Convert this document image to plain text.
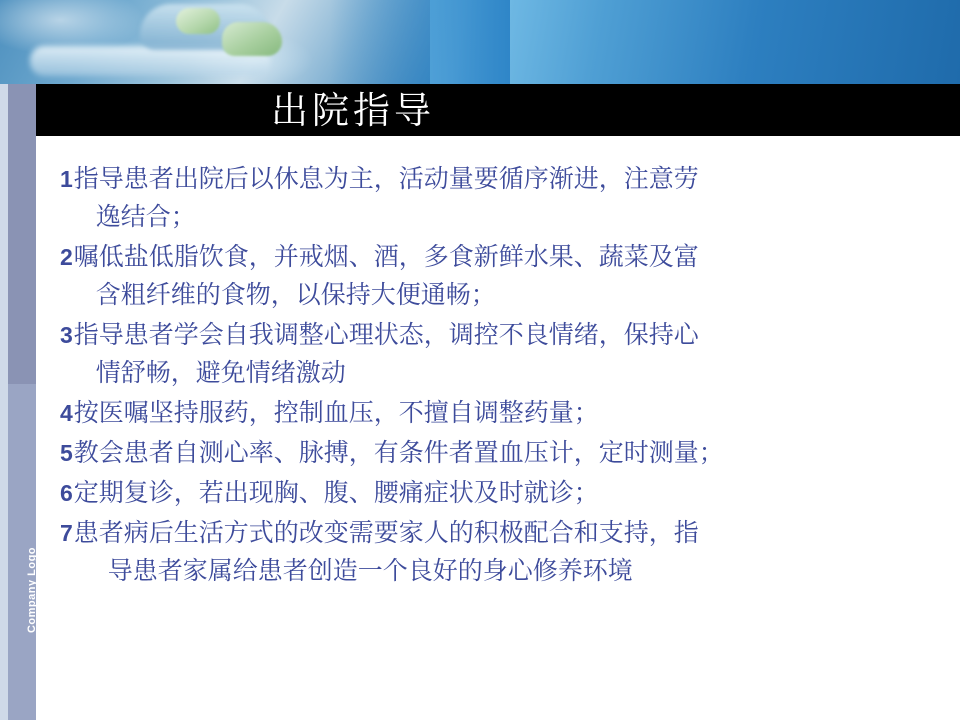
出院指导
Company Logo
1 指导患者出院后以休息为主，活动量要循序渐进，注意劳
逸结合；
2 嘱低盐低脂饮食，并戒烟、酒，多食新鲜水果、蔬菜及富
含粗纤维的食物，以保持大便通畅；
3 指导患者学会自我调整心理状态，调控不良情绪，保持心
情舒畅，避免情绪激动
4 按医嘱坚持服药，控制血压，不擅自调整药量；
5 教会患者自测心率、脉搏，有条件者置血压计，定时测量；
6 定期复诊，若出现胸、腹、腰痛症状及时就诊；
7 患者病后生活方式的改变需要家人的积极配合和支持，指
导患者家属给患者创造一个良好的身心修养环境
